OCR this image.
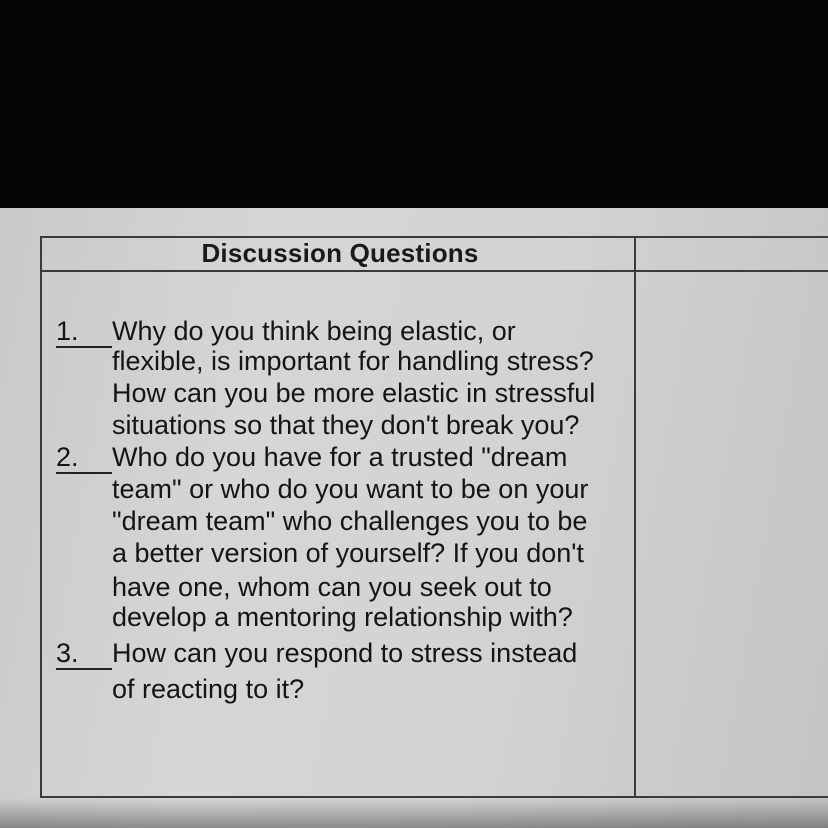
Discussion Questions
1.	Why do you think being elastic, or
flexible, is important for handling stress?
How can you be more elastic in stressful
situations so that they don't break you?
2.	Who do you have for a trusted "dream
team" or who do you want to be on your
"dream team" who challenges you to be
a better version of yourself? If you don't
have one, whom can you seek out to
develop a mentoring relationship with?
3.	How can you respond to stress instead
of reacting to it?
